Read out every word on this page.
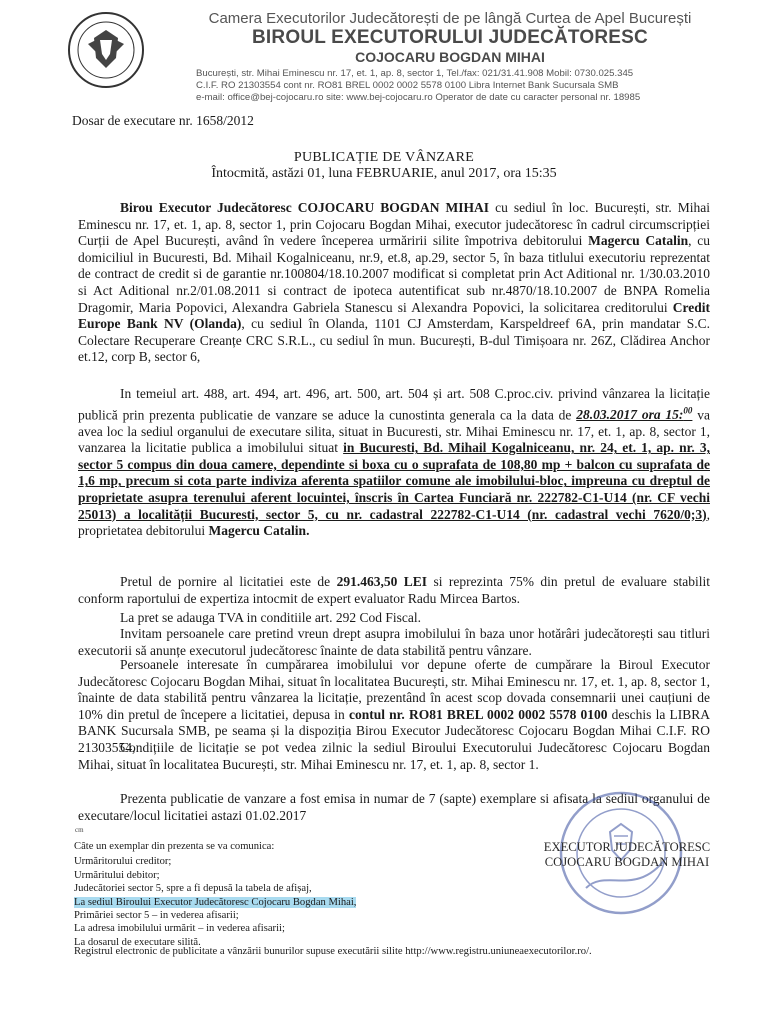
Camera Executorilor Judecătorești de pe lângă Curtea de Apel București
BIROUL EXECUTORULUI JUDECĂTORESC
COJOCARU BOGDAN MIHAI
București, str. Mihai Eminescu nr. 17, et. 1, ap. 8, sector 1, Tel./fax: 021/31.41.908 Mobil: 0730.025.345
C.I.F. RO 21303554 cont nr. RO81 BREL 0002 0002 5578 0100 Libra Internet Bank Sucursala SMB
e-mail: office@bej-cojocaru.ro site: www.bej-cojocaru.ro Operator de date cu caracter personal nr. 18985
Dosar de executare nr. 1658/2012
PUBLICAȚIE DE VÂNZARE
Întocmită, astăzi 01, luna FEBRUARIE, anul 2017, ora 15:35
Birou Executor Judecătoresc COJOCARU BOGDAN MIHAI cu sediul în loc. București, str. Mihai Eminescu nr. 17, et. 1, ap. 8, sector 1, prin Cojocaru Bogdan Mihai, executor judecătoresc în cadrul circumscripției Curții de Apel București, având în vedere începerea urmăririi silite împotriva debitorului Magercu Catalin, cu domiciliul in Bucuresti, Bd. Mihail Kogalniceanu, nr.9, et.8, ap.29, sector 5, în baza titlului executoriu reprezentat de contract de credit si de garantie nr.100804/18.10.2007 modificat si completat prin Act Aditional nr. 1/30.03.2010 si Act Aditional nr.2/01.08.2011 si contract de ipoteca autentificat sub nr.4870/18.10.2007 de BNPA Romelia Dragomir, Maria Popovici, Alexandra Gabriela Stanescu si Alexandra Popovici, la solicitarea creditorului Credit Europe Bank NV (Olanda), cu sediul în Olanda, 1101 CJ Amsterdam, Karspeldreef 6A, prin mandatar S.C. Colectare Recuperare Creanțe CRC S.R.L., cu sediul în mun. București, B-dul Timișoara nr. 26Z, Clădirea Anchor et.12, corp B, sector 6,
In temeiul art. 488, art. 494, art. 496, art. 500, art. 504 și art. 508 C.proc.civ. privind vânzarea la licitație publică prin prezenta publicatie de vanzare se aduce la cunostinta generala ca la data de 28.03.2017 ora 15:$^{00}$ va avea loc la sediul organului de executare silita, situat in Bucuresti, str. Mihai Eminescu nr. 17, et. 1, ap. 8, sector 1, vanzarea la licitatie publica a imobilului situat in Bucuresti, Bd. Mihail Kogalniceanu, nr. 24, et. 1, ap. nr. 3, sector 5 compus din doua camere, dependinte si boxa cu o suprafata de 108,80 mp + balcon cu suprafata de 1,6 mp, precum si cota parte indiviza aferenta spatiilor comune ale imobilului-bloc, impreuna cu dreptul de proprietate asupra terenului aferent locuintei, înscris în Cartea Funciară nr. 222782-C1-U14 (nr. CF vechi 25013) a localității Bucuresti, sector 5, cu nr. cadastral 222782-C1-U14 (nr. cadastral vechi 7620/0;3), proprietatea debitorului Magercu Catalin.
Pretul de pornire al licitatiei este de 291.463,50 LEI si reprezinta 75% din pretul de evaluare stabilit conform raportului de expertiza intocmit de expert evaluator Radu Mircea Bartos.
La pret se adauga TVA in conditiile art. 292 Cod Fiscal.
Invitam persoanele care pretind vreun drept asupra imobilului în baza unor hotărâri judecătorești sau titluri executorii să anunțe executorul judecătoresc înainte de data stabilită pentru vânzare.
Persoanele interesate în cumpărarea imobilului vor depune oferte de cumpărare la Biroul Executor Judecătoresc Cojocaru Bogdan Mihai, situat în localitatea București, str. Mihai Eminescu nr. 17, et. 1, ap. 8, sector 1, înainte de data stabilită pentru vânzarea la licitație, prezentând în acest scop dovada consemnarii unei cauțiuni de 10% din pretul de începere a licitatiei, depusa in contul nr. RO81 BREL 0002 0002 5578 0100 deschis la LIBRA BANK Sucursala SMB, pe seama și la dispoziția Birou Executor Judecătoresc Cojocaru Bogdan Mihai C.I.F. RO 21303554,
Condițiile de licitație se pot vedea zilnic la sediul Biroului Executorului Judecătoresc Cojocaru Bogdan Mihai, situat în localitatea București, str. Mihai Eminescu nr. 17, et. 1, ap. 8, sector 1.
Prezenta publicatie de vanzare a fost emisa in numar de 7 (sapte) exemplare si afisata la sediul organului de executare/locul licitatiei astazi 01.02.2017
cm
Câte un exemplar din prezenta se va comunica:
Urmăritorului creditor;
Urmăritului debitor;
Judecătoriei sector 5, spre a fi depusă la tabela de afișaj,
La sediul Biroului Executor Judecătoresc Cojocaru Bogdan Mihai,
Primăriei sector 5 – in vederea afisarii;
La adresa imobilului urmărit – in vederea afisarii;
La dosarul de executare silită.
Registrul electronic de publicitate a vânzării bunurilor supuse executării silite http://www.registru.uniuneaexecutorilor.ro/.
EXECUTOR JUDECĂTORESC
COJOCARU BOGDAN MIHAI
